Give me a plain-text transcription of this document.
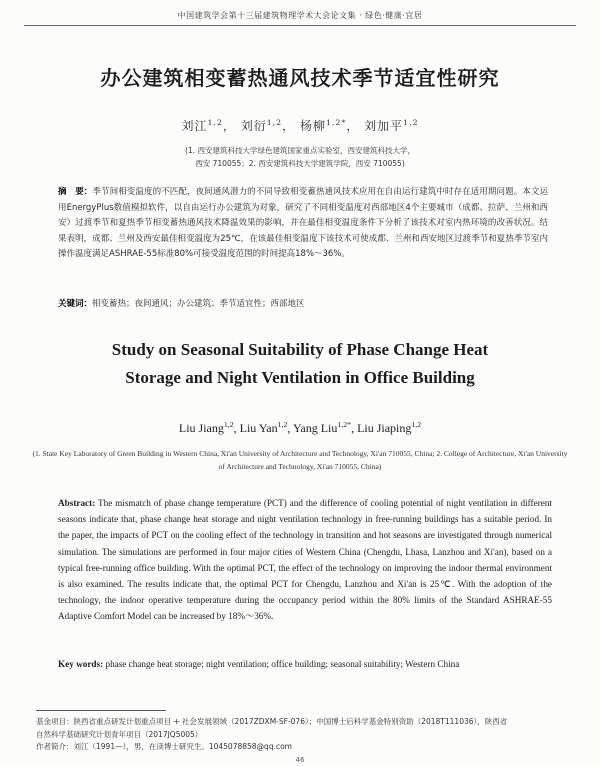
中国建筑学会第十三届建筑物理学术大会论文集 · 绿色·健康·宜居
办公建筑相变蓄热通风技术季节适宜性研究
刘江$^{1,2}$， 刘衍$^{1,2}$， 杨柳$^{1,2*}$， 刘加平$^{1,2}$
(1. 西安建筑科技大学绿色建筑国家重点实验室，西安建筑科技大学，
西安 710055；2. 西安建筑科技大学建筑学院，西安 710055)
摘　要：季节间相变温度的不匹配，夜间通风潜力的不同导致相变蓄热通风技术应用在自由运行建筑中时存在适用期问题。本文运用EnergyPlus数值模拟软件，以自由运行办公建筑为对象，研究了不同相变温度对西部地区4个主要城市（成都、拉萨、兰州和西安）过渡季节和夏热季节相变蓄热通风技术降温效果的影响，并在最佳相变温度条件下分析了该技术对室内热环境的改善状况。结果表明，成都、兰州及西安最佳相变温度为25℃，在该最佳相变温度下该技术可使成都、兰州和西安地区过渡季节和夏热季节室内操作温度满足ASHRAE-55标准80%可接受温度范围的时间提高18%～36%。
关键词：相变蓄热；夜间通风；办公建筑；季节适宜性；西部地区
Study on Seasonal Suitability of Phase Change Heat
Storage and Night Ventilation in Office Building
Liu Jiang$^{1,2}$, Liu Yan$^{1,2}$, Yang Liu$^{1,2*}$, Liu Jiaping$^{1,2}$
(1. State Key Laboratory of Green Building in Western China, Xi'an University of Architecture and Technology, Xi'an 710055, China; 2. College of Architecture, Xi'an University of Architecture and Technology, Xi'an 710055, China)
Abstract: The mismatch of phase change temperature (PCT) and the difference of cooling potential of night ventilation in different seasons indicate that, phase change heat storage and night ventilation technology in free-running buildings has a suitable period. In the paper, the impacts of PCT on the cooling effect of the technology in transition and hot seasons are investigated through numerical simulation. The simulations are performed in four major cities of Western China (Chengdu, Lhasa, Lanzhou and Xi'an), based on a typical free-running office building. With the optimal PCT, the effect of the technology on improving the indoor thermal environment is also examined. The results indicate that, the optimal PCT for Chengdu, Lanzhou and Xi'an is 25℃. With the adoption of the technology, the indoor operative temperature during the occupancy period within the 80% limits of the Standard ASHRAE-55 Adaptive Comfort Model can be increased by 18%～36%.
Key words: phase change heat storage; night ventilation; office building; seasonal suitability; Western China
基金项目：陕西省重点研发计划重点项目 + 社会发展领域（2017ZDXM-SF-076）；中国博士后科学基金特别资助（2018T111036），陕西省
自然科学基础研究计划青年项目（2017JQ5005）
作者简介：刘江（1991—），男，在读博士研究生。1045078858@qq.com
46
